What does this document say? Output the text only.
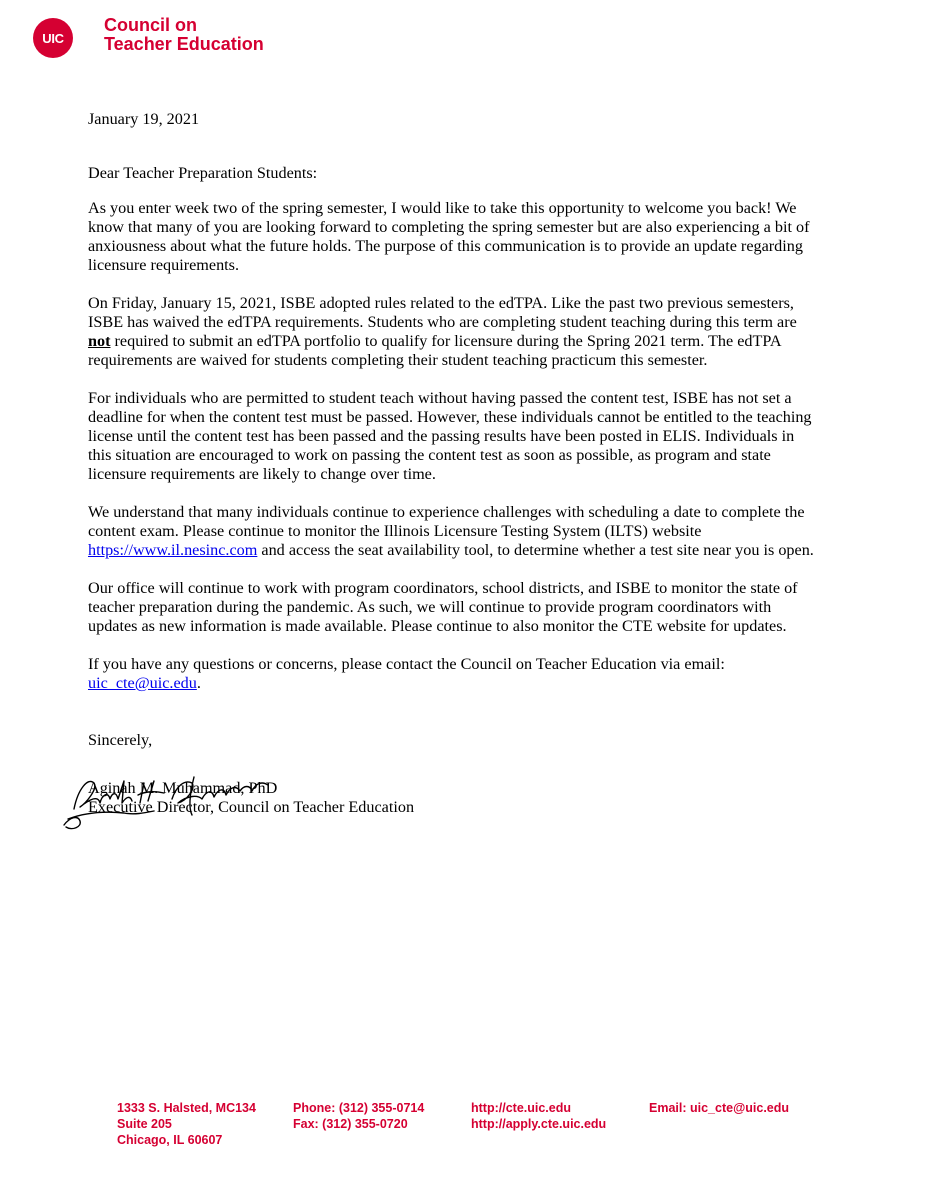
UIC
Council on
Teacher Education
January 19, 2021
Dear Teacher Preparation Students:
As you enter week two of the spring semester, I would like to take this opportunity to welcome you back! We
know that many of you are looking forward to completing the spring semester but are also experiencing a bit of
anxiousness about what the future holds. The purpose of this communication is to provide an update regarding
licensure requirements.
On Friday, January 15, 2021, ISBE adopted rules related to the edTPA. Like the past two previous semesters,
ISBE has waived the edTPA requirements. Students who are completing student teaching during this term are
not required to submit an edTPA portfolio to qualify for licensure during the Spring 2021 term. The edTPA
requirements are waived for students completing their student teaching practicum this semester.
For individuals who are permitted to student teach without having passed the content test, ISBE has not set a
deadline for when the content test must be passed. However, these individuals cannot be entitled to the teaching
license until the content test has been passed and the passing results have been posted in ELIS. Individuals in
this situation are encouraged to work on passing the content test as soon as possible, as program and state
licensure requirements are likely to change over time.
We understand that many individuals continue to experience challenges with scheduling a date to complete the
content exam. Please continue to monitor the Illinois Licensure Testing System (ILTS) website
https://www.il.nesinc.com and access the seat availability tool, to determine whether a test site near you is open.
Our office will continue to work with program coordinators, school districts, and ISBE to monitor the state of
teacher preparation during the pandemic. As such, we will continue to provide program coordinators with
updates as new information is made available. Please continue to also monitor the CTE website for updates.
If you have any questions or concerns, please contact the Council on Teacher Education via email:
uic_cte@uic.edu.
Sincerely,
Aginah M. Muhammad, PhD
Executive Director, Council on Teacher Education
1333 S. Halsted, MC134
Suite 205
Chicago, IL 60607
Phone: (312) 355-0714
Fax: (312) 355-0720
http://cte.uic.edu
http://apply.cte.uic.edu
Email: uic_cte@uic.edu
